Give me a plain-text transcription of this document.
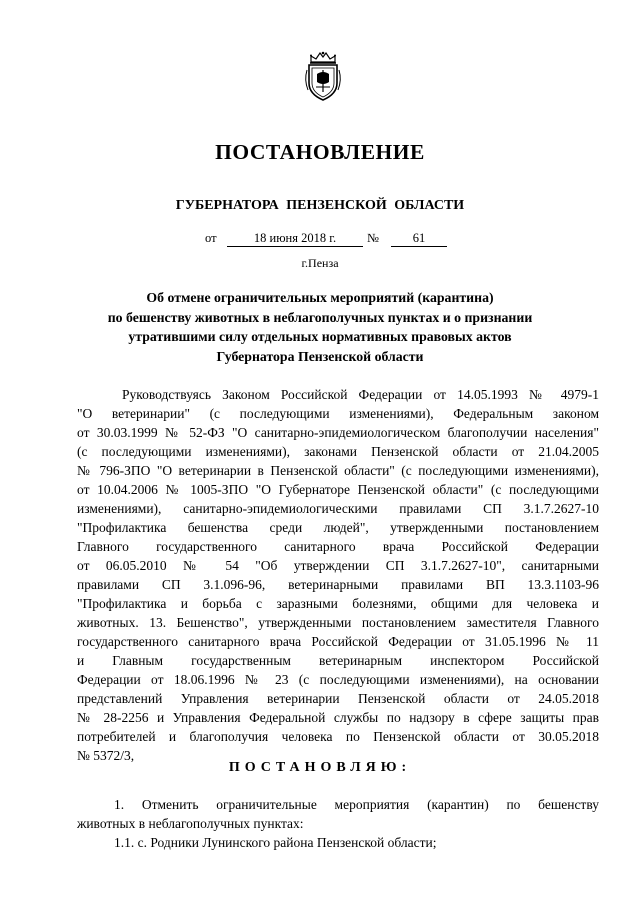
ПОСТАНОВЛЕНИЕ
ГУБЕРНАТОРА ПЕНЗЕНСКОЙ ОБЛАСТИ
от	18 июня 2018 г.	№	61
г.Пенза
Об отмене ограничительных мероприятий (карантина)
по бешенству животных в неблагополучных пунктах и о признании
утратившими силу отдельных нормативных правовых актов
Губернатора Пензенской области
Руководствуясь Законом Российской Федерации от 14.05.1993 № 4979-1
"О ветеринарии" (с последующими изменениями), Федеральным законом
от 30.03.1999 № 52-ФЗ "О санитарно-эпидемиологическом благополучии населения"
(с последующими изменениями), законами Пензенской области от 21.04.2005
№ 796-ЗПО "О ветеринарии в Пензенской области" (с последующими изменениями),
от 10.04.2006 № 1005-ЗПО "О Губернаторе Пензенской области" (с последующими
изменениями), санитарно-эпидемиологическими правилами СП 3.1.7.2627-10
"Профилактика бешенства среди людей", утвержденными постановлением
Главного государственного санитарного врача Российской Федерации
от 06.05.2010 № 54 "Об утверждении СП 3.1.7.2627-10", санитарными
правилами СП 3.1.096-96, ветеринарными правилами ВП 13.3.1103-96
"Профилактика и борьба с заразными болезнями, общими для человека и
животных. 13. Бешенство", утвержденными постановлением заместителя Главного
государственного санитарного врача Российской Федерации от 31.05.1996 № 11
и Главным государственным ветеринарным инспектором Российской
Федерации от 18.06.1996 № 23 (с последующими изменениями), на основании
представлений Управления ветеринарии Пензенской области от 24.05.2018
№ 28-2256 и Управления Федеральной службы по надзору в сфере защиты прав
потребителей и благополучия человека по Пензенской области от 30.05.2018
№ 5372/3,
ПОСТАНОВЛЯЮ:
1. Отменить ограничительные мероприятия (карантин) по бешенству
животных в неблагополучных пунктах:
1.1. с. Родники Лунинского района Пензенской области;
